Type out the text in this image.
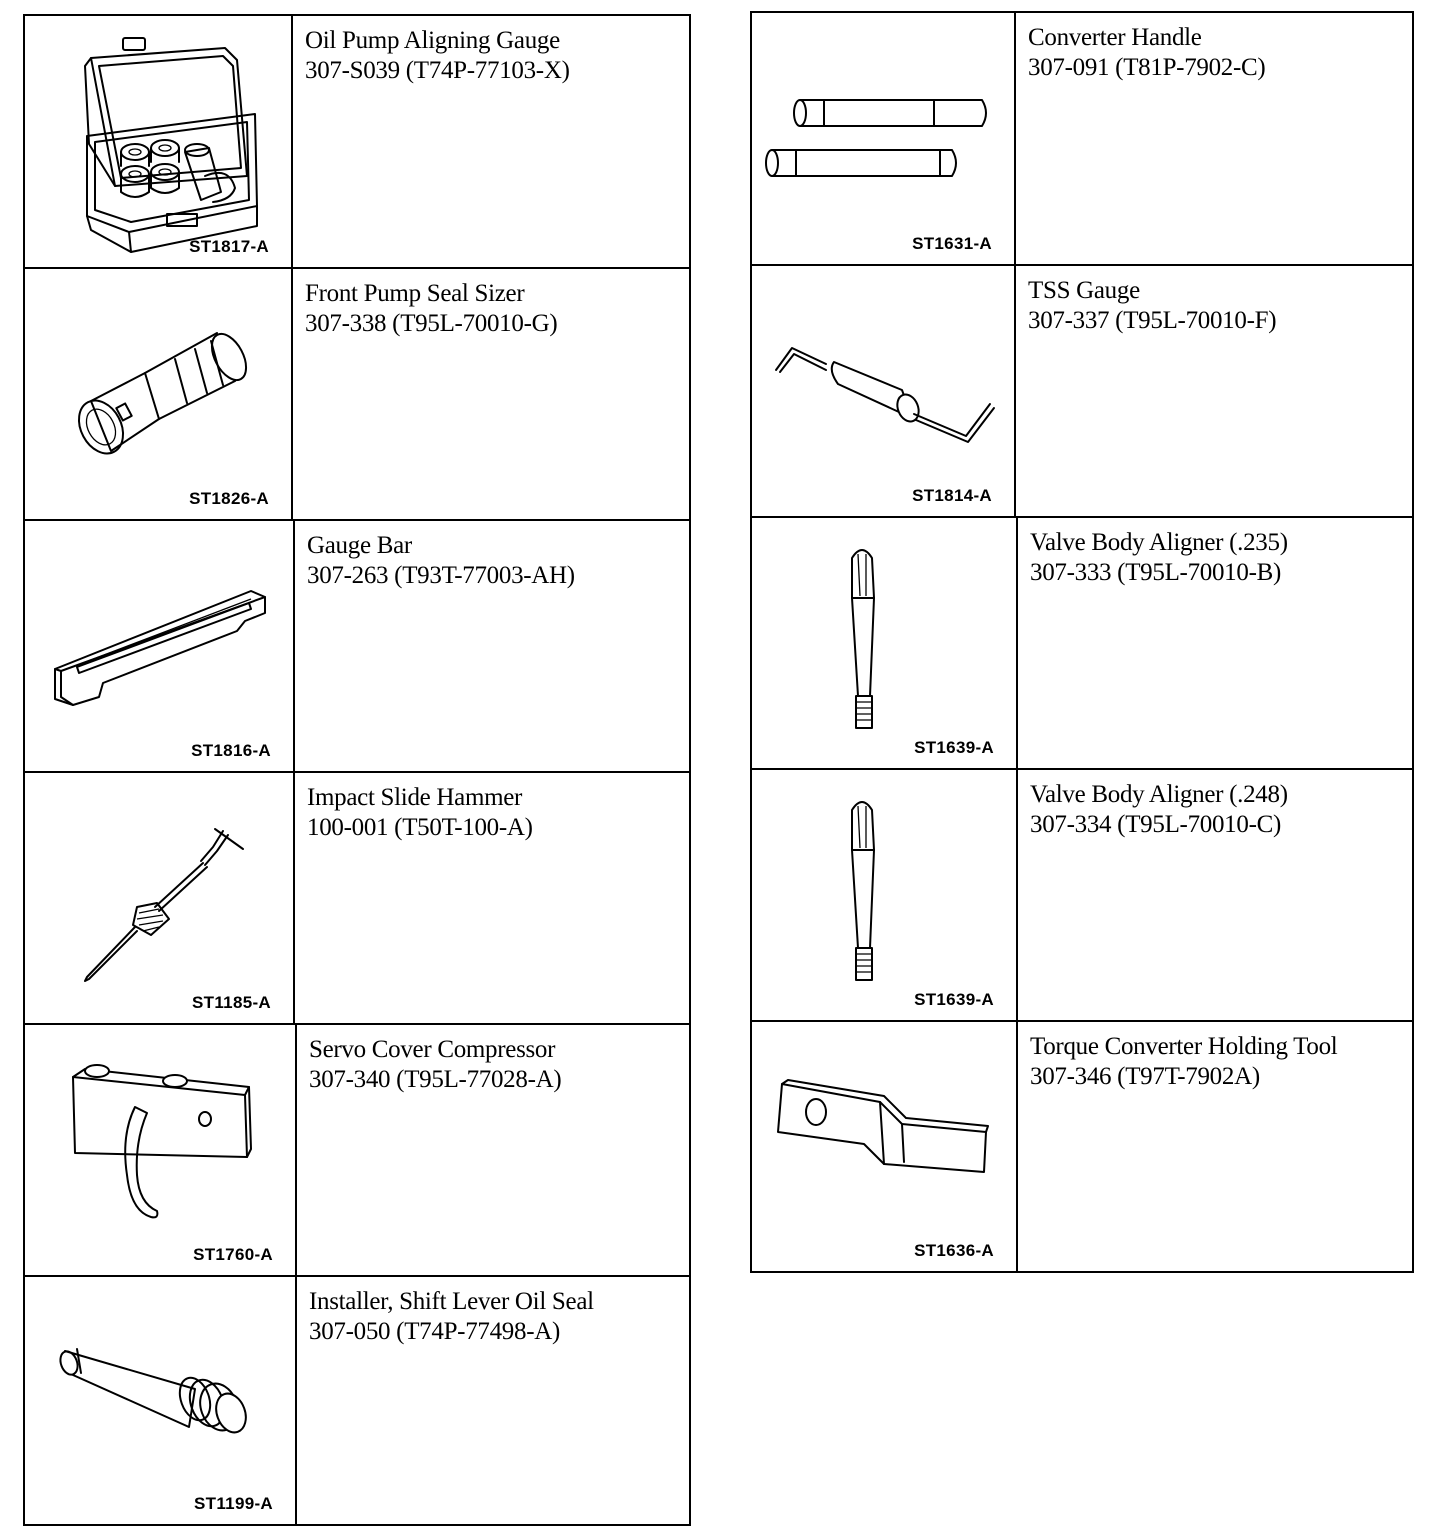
ST1817-A
Oil Pump Aligning Gauge
307-S039 (T74P-77103-X)
ST1826-A
Front Pump Seal Sizer
307-338 (T95L-70010-G)
ST1816-A
Gauge Bar
307-263 (T93T-77003-AH)
ST1185-A
Impact Slide Hammer
100-001 (T50T-100-A)
ST1760-A
Servo Cover Compressor
307-340 (T95L-77028-A)
ST1199-A
Installer, Shift Lever Oil Seal
307-050 (T74P-77498-A)
ST1631-A
Converter Handle
307-091 (T81P-7902-C)
ST1814-A
TSS Gauge
307-337 (T95L-70010-F)
ST1639-A
Valve Body Aligner (.235)
307-333 (T95L-70010-B)
ST1639-A
Valve Body Aligner (.248)
307-334 (T95L-70010-C)
ST1636-A
Torque Converter Holding Tool
307-346 (T97T-7902A)
